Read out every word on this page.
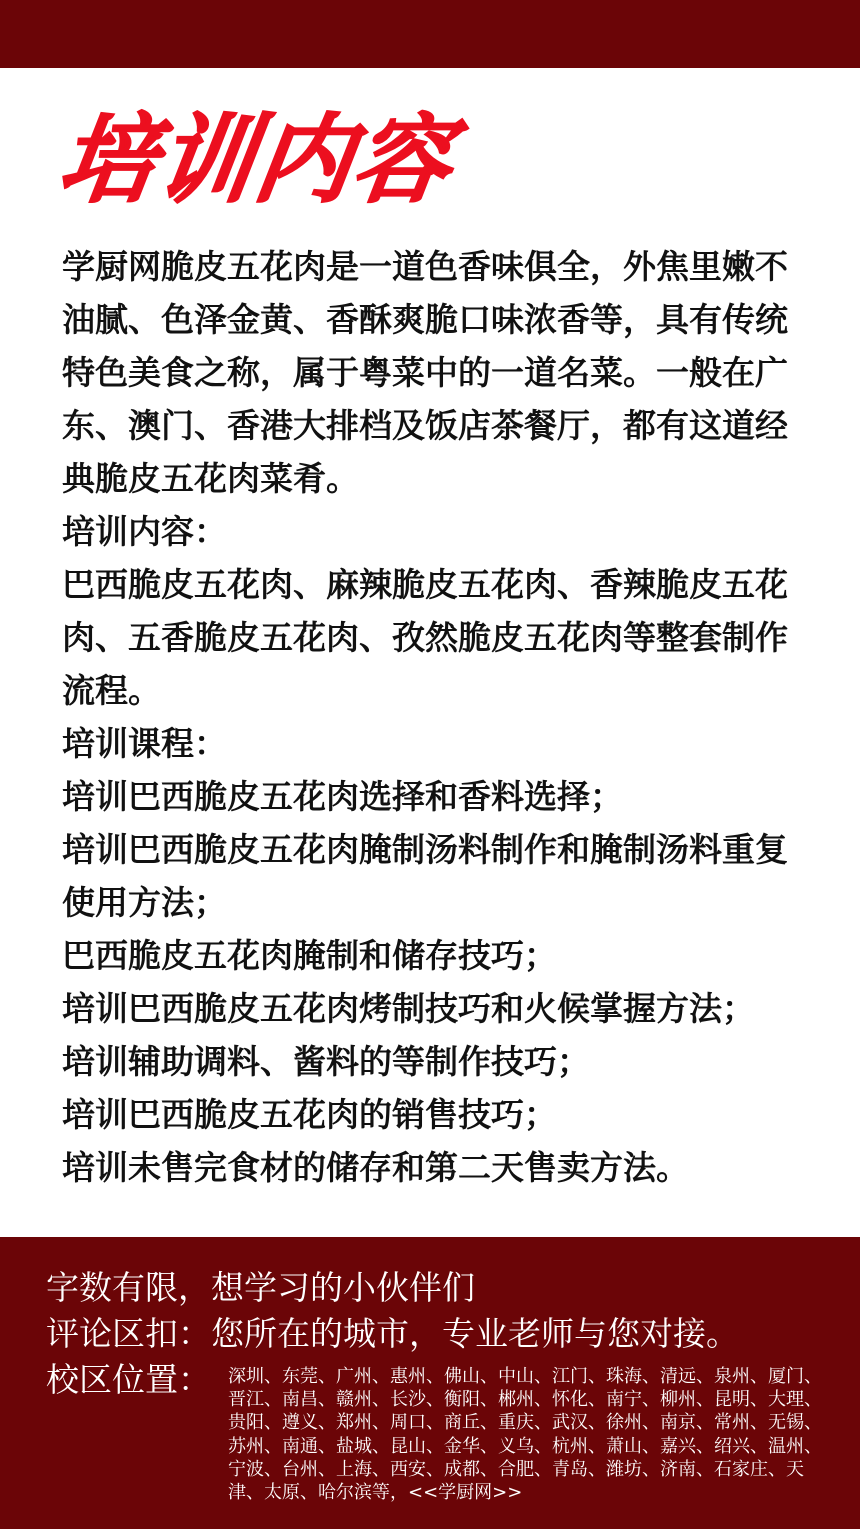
培训内容

学厨网脆皮五花肉是一道色香味俱全，外焦里嫩不油腻、色泽金黄、香酥爽脆口味浓香等，具有传统特色美食之称，属于粤菜中的一道名菜。一般在广东、澳门、香港大排档及饭店茶餐厅，都有这道经典脆皮五花肉菜肴。

培训内容：

巴西脆皮五花肉、麻辣脆皮五花肉、香辣脆皮五花肉、五香脆皮五花肉、孜然脆皮五花肉等整套制作流程。

培训课程：

培训巴西脆皮五花肉选择和香料选择；

培训巴西脆皮五花肉腌制汤料制作和腌制汤料重复使用方法；

巴西脆皮五花肉腌制和储存技巧；

培训巴西脆皮五花肉烤制技巧和火候掌握方法；

培训辅助调料、酱料的等制作技巧；

培训巴西脆皮五花肉的销售技巧；

培训未售完食材的储存和第二天售卖方法。

字数有限，想学习的小伙伴们
评论区扣：您所在的城市，专业老师与您对接。
校区位置： 深圳、东莞、广州、惠州、佛山、中山、江门、珠海、清远、泉州、厦门、晋江、南昌、赣州、长沙、衡阳、郴州、怀化、南宁、柳州、昆明、大理、贵阳、遵义、郑州、周口、商丘、重庆、武汉、徐州、南京、常州、无锡、苏州、南通、盐城、昆山、金华、义乌、杭州、萧山、嘉兴、绍兴、温州、宁波、台州、上海、西安、成都、合肥、青岛、潍坊、济南、石家庄、天津、太原、哈尔滨等，<<学厨网>>
